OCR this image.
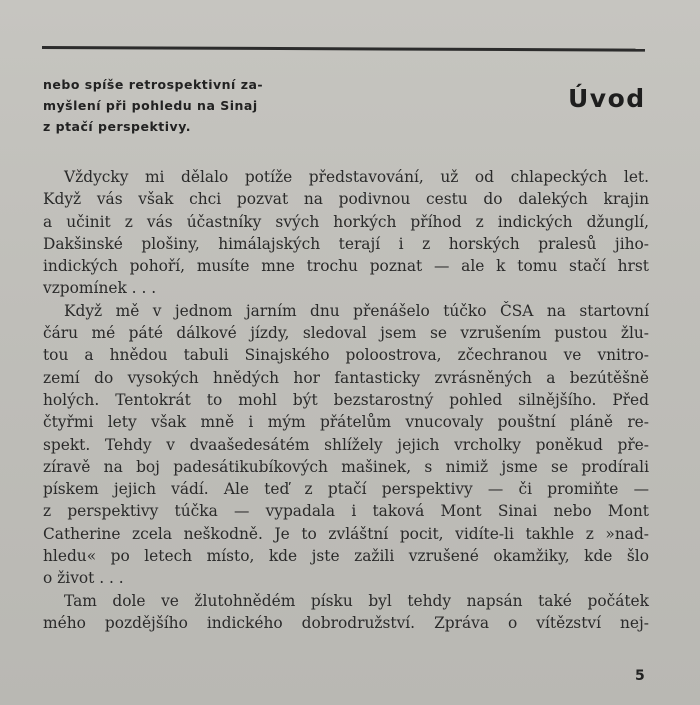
nebo spíše retrospektivní za-
myšlení při pohledu na Sinaj
z ptačí perspektivy.
Úvod

Vždycky mi dělalo potíže představování, už od chlapeckých let.
Když vás však chci pozvat na podivnou cestu do dalekých krajin
a učinit z vás účastníky svých horkých příhod z indických džunglí,
Dakšinské plošiny, himálajských terají i z horských pralesů jiho-
indických pohoří, musíte mne trochu poznat — ale k tomu stačí hrst
vzpomínek . . .

Když mě v jednom jarním dnu přenášelo túčko ČSA na startovní
čáru mé páté dálkové jízdy, sledoval jsem se vzrušením pustou žlu-
tou a hnědou tabuli Sinajského poloostrova, zčechranou ve vnitro-
zemí do vysokých hnědých hor fantasticky zvrásněných a bezútěšně
holých. Tentokrát to mohl být bezstarostný pohled silnějšího. Před
čtyřmi lety však mně i mým přátelům vnucovaly pouštní pláně re-
spekt. Tehdy v dvaašedesátém shlížely jejich vrcholky poněkud pře-
zíravě na boj padesátikubíkových mašinek, s nimiž jsme se prodírali
pískem jejich vádí. Ale teď z ptačí perspektivy — či promiňte —
z perspektivy túčka — vypadala i taková Mont Sinai nebo Mont
Catherine zcela neškodně. Je to zvláštní pocit, vidíte-li takhle z »nad-
hledu« po letech místo, kde jste zažili vzrušené okamžiky, kde šlo
o život . . .

Tam dole ve žlutohnědém písku byl tehdy napsán také počátek
mého pozdějšího indického dobrodružství. Zpráva o vítězství nej-

5
